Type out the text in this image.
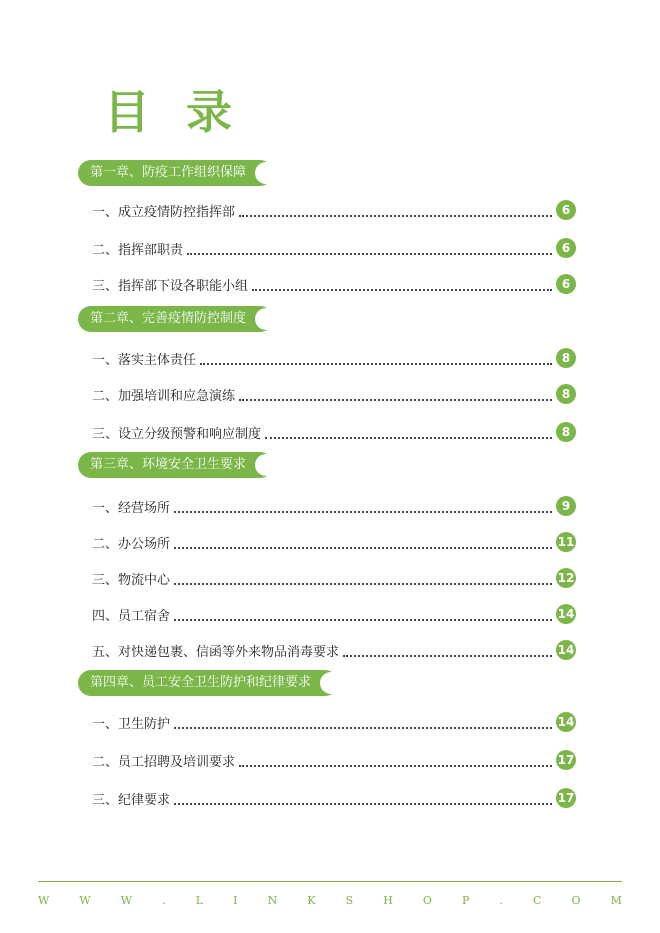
目 录
第一章、防疫工作组织保障
一、成立疫情防控指挥部	6
二、指挥部职责	6
三、指挥部下设各职能小组	6
第二章、完善疫情防控制度
一、落实主体责任	8
二、加强培训和应急演练	8
三、设立分级预警和响应制度	8
第三章、环境安全卫生要求
一、经营场所	9
二、办公场所	11
三、物流中心	12
四、员工宿舍	14
五、对快递包裹、信函等外来物品消毒要求	14
第四章、员工安全卫生防护和纪律要求
一、卫生防护	14
二、员工招聘及培训要求	17
三、纪律要求	17
W	W	W	.	L	I	N	K	S	H	O	P	.	C	O	M
